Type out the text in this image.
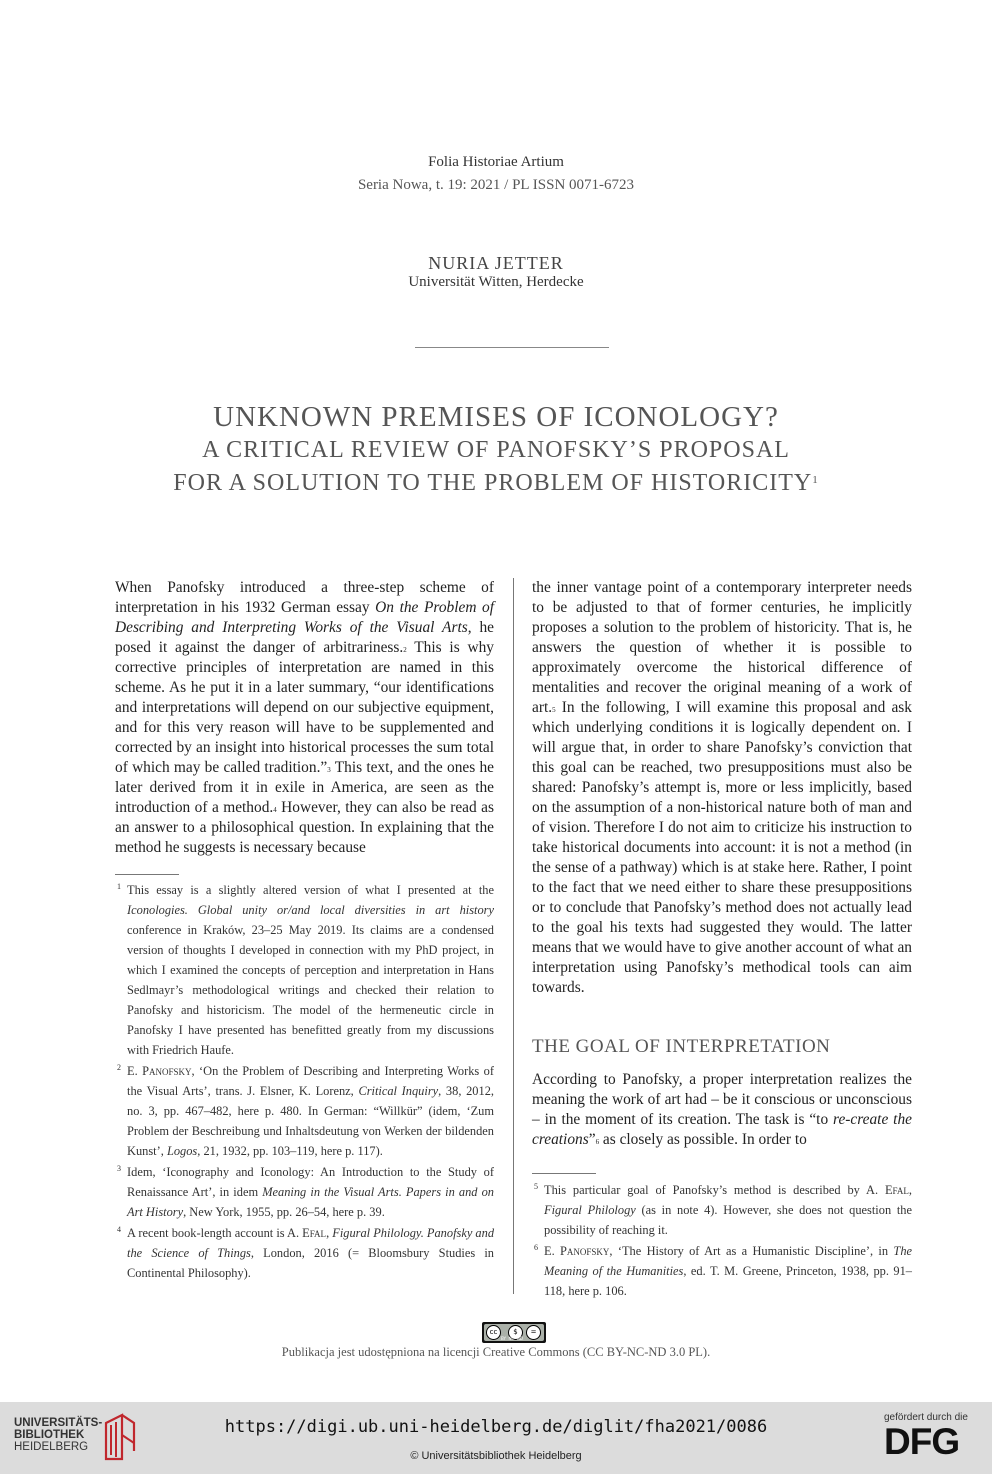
Folia Historiae Artium
Seria Nowa, t. 19: 2021 / PL ISSN 0071-6723
NURIA JETTER
Universität Witten, Herdecke
UNKNOWN PREMISES OF ICONOLOGY?
A CRITICAL REVIEW OF PANOFSKY’S PROPOSAL
FOR A SOLUTION TO THE PROBLEM OF HISTORICITY$^1$

When Panofsky introduced a three-step scheme of interpretation in his 1932 German essay On the Problem of Describing and Interpreting Works of the Visual Arts, he posed it against the danger of arbitrariness.$^2$ This is why corrective principles of interpretation are named in this scheme. As he put it in a later summary, “our identifications and interpretations will depend on our subjective equipment, and for this very reason will have to be supplemented and corrected by an insight into historical processes the sum total of which may be called tradition.”$^3$ This text, and the ones he later derived from it in exile in America, are seen as the introduction of a method.$^4$ However, they can also be read as an answer to a philosophical question. In explaining that the method he suggests is necessary because

the inner vantage point of a contemporary interpreter needs to be adjusted to that of former centuries, he implicitly proposes a solution to the problem of historicity. That is, he answers the question of whether it is possible to approximately overcome the historical difference of mentalities and recover the original meaning of a work of art.$^5$ In the following, I will examine this proposal and ask which underlying conditions it is logically dependent on. I will argue that, in order to share Panofsky’s conviction that this goal can be reached, two presuppositions must also be shared: Panofsky’s attempt is, more or less implicitly, based on the assumption of a non-historical nature both of man and of vision. Therefore I do not aim to criticize his instruction to take historical documents into account: it is not a method (in the sense of a pathway) which is at stake here. Rather, I point to the fact that we need either to share these presuppositions or to conclude that Panofsky’s method does not actually lead to the goal his texts had suggested they would. The latter means that we would have to give another account of what an interpretation using Panofsky’s methodical tools can aim towards.

THE GOAL OF INTERPRETATION

According to Panofsky, a proper interpretation realizes the meaning the work of art had – be it conscious or unconscious – in the moment of its creation. The task is “to re-create the creations”$^6$ as closely as possible. In order to

1 This essay is a slightly altered version of what I presented at the Iconologies. Global unity or/and local diversities in art history conference in Kraków, 23–25 May 2019. Its claims are a condensed version of thoughts I developed in connection with my PhD project, in which I examined the concepts of perception and interpretation in Hans Sedlmayr’s methodological writings and checked their relation to Panofsky and historicism. The model of the hermeneutic circle in Panofsky I have presented has benefitted greatly from my discussions with Friedrich Haufe.

2 E. Panofsky, ‘On the Problem of Describing and Interpreting Works of the Visual Arts’, trans. J. Elsner, K. Lorenz, Critical Inquiry, 38, 2012, no. 3, pp. 467–482, here p. 480. In German: “Willkür” (idem, ‘Zum Problem der Beschreibung und Inhaltsdeutung von Werken der bildenden Kunst’, Logos, 21, 1932, pp. 103–119, here p. 117).

3 Idem, ‘Iconography and Iconology: An Introduction to the Study of Renaissance Art’, in idem Meaning in the Visual Arts. Papers in and on Art History, New York, 1955, pp. 26–54, here p. 39.

4 A recent book-length account is A. Efal, Figural Philology. Panofsky and the Science of Things, London, 2016 (= Bloomsbury Studies in Continental Philosophy).

5 This particular goal of Panofsky’s method is described by A. Efal, Figural Philology (as in note 4). However, she does not question the possibility of reaching it.

6 E. Panofsky, ‘The History of Art as a Humanistic Discipline’, in The Meaning of the Humanities, ed. T. M. Greene, Princeton, 1938, pp. 91–118, here p. 106.

cc	$	=
BY  NC  ND
Publikacja jest udostępniona na licencji Creative Commons (CC BY-NC-ND 3.0 PL).
UNIVERSITÄTS-
BIBLIOTHEK
HEIDELBERG
https://digi.ub.uni-heidelberg.de/diglit/fha2021/0086
© Universitätsbibliothek Heidelberg
gefördert durch die
DFG
